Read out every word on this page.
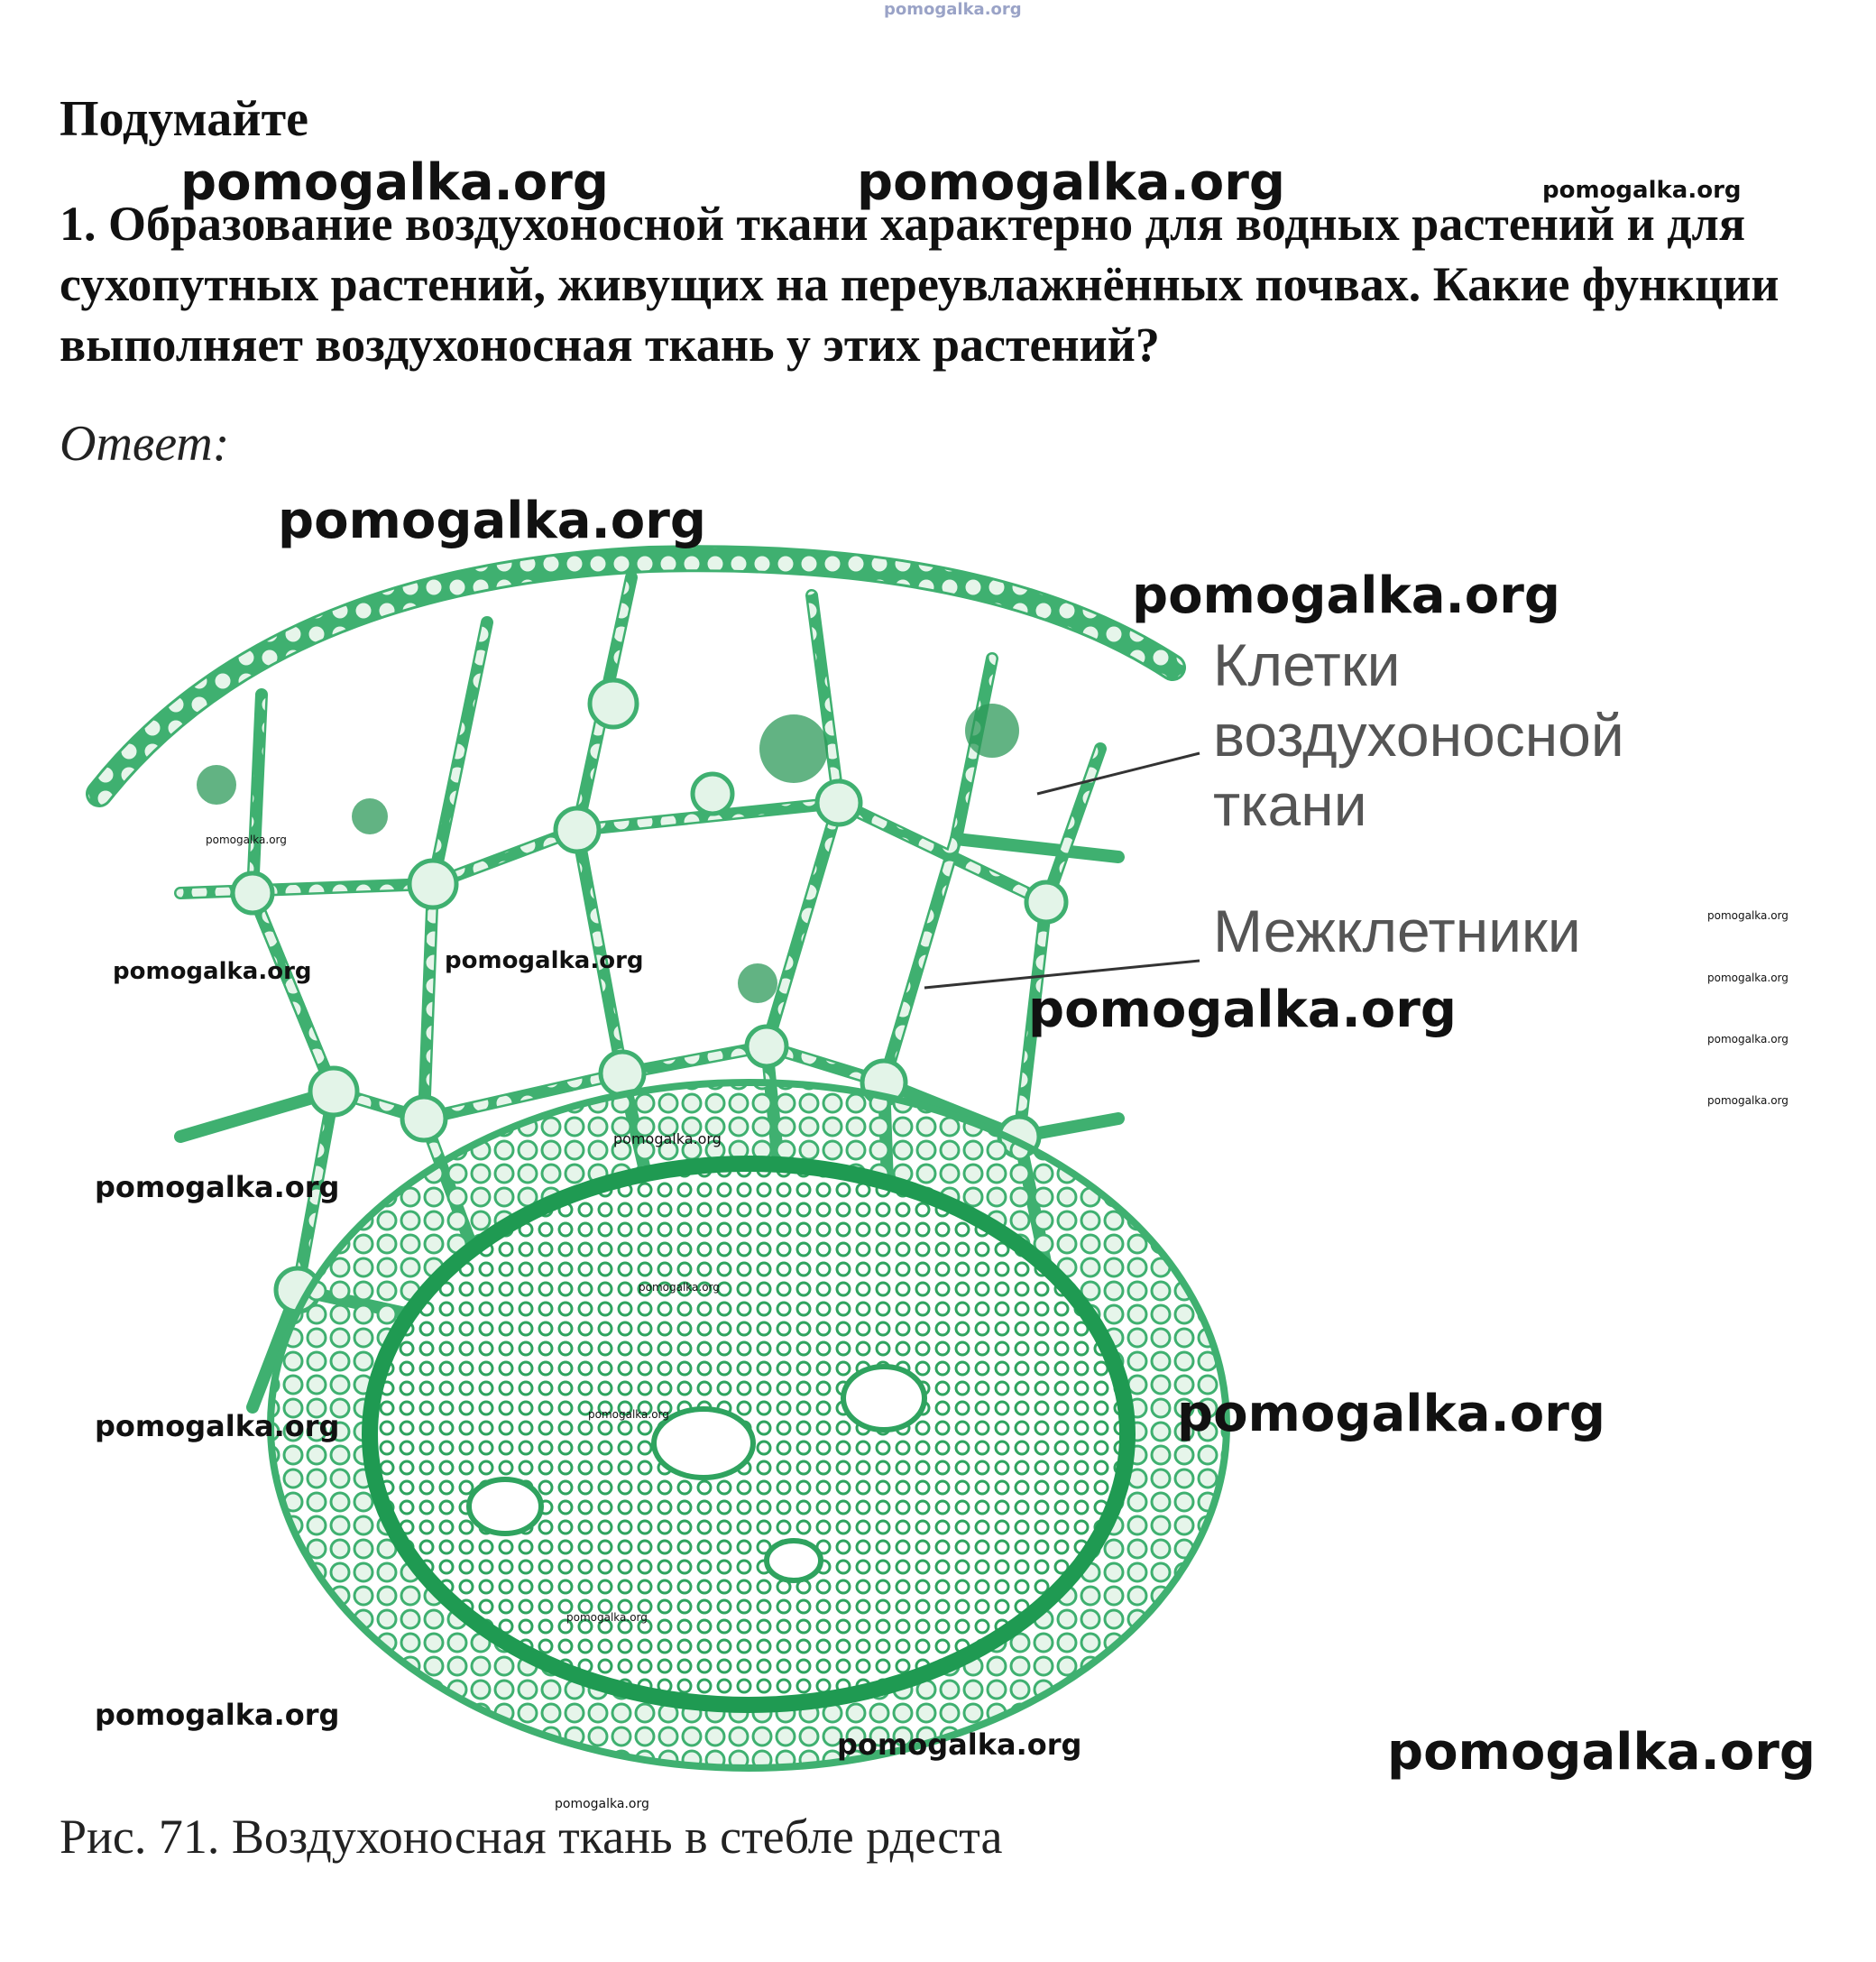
pomogalka.org
Подумайте
1. Образование воздухоносной ткани характерно для водных растений и для сухопутных растений, живущих на переувлажнённых почвах. Какие функции выполняет воздухоносная ткань у этих растений?
Ответ:
Клетки
воздухоносной
ткани
Межклетники
Рис. 71. Воздухоносная ткань в стебле рдеста
pomogalka.org	pomogalka.org	pomogalka.org
pomogalka.org
pomogalka.org
pomogalka.org
pomogalka.org	pomogalka.org
pomogalka.org
pomogalka.org
pomogalka.org
pomogalka.org
pomogalka.org
pomogalka.org
pomogalka.org
pomogalka.org
pomogalka.org
pomogalka.org	pomogalka.org
pomogalka.org
pomogalka.org
pomogalka.org	pomogalka.org
pomogalka.org
